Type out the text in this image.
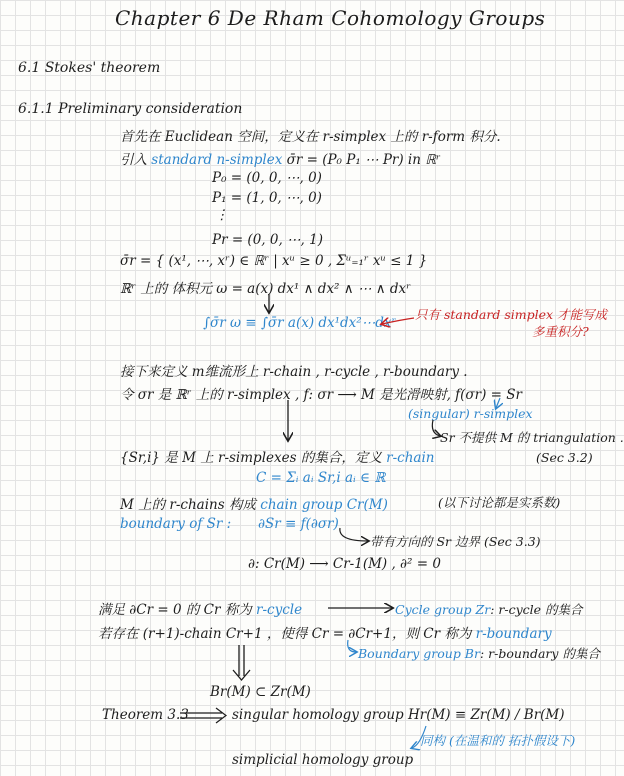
Chapter 6 De Rham Cohomology Groups
6.1 Stokes' theorem
6.1.1 Preliminary consideration
首先在 Euclidean 空间，定义在 r-simplex 上的 r-form 积分.
引入 standard n-simplex σ̄r = (P₀ P₁ ⋯ Pr) in ℝʳ
P₀ = (0, 0, ⋯, 0)
P₁ = (1, 0, ⋯, 0)
⋮
Pr = (0, 0, ⋯, 1)
σ̄r = { (x¹, ⋯, xʳ) ∈ ℝʳ | xᵘ ≥ 0 , Σᵘ₌₁ʳ xᵘ ≤ 1 }
ℝʳ 上的 体积元 ω = a(x) dx¹ ∧ dx² ∧ ⋯ ∧ dxʳ
∫σ̄r ω ≡ ∫σ̄r a(x) dx¹dx²⋯dxʳ
只有 standard simplex 才能写成
多重积分?
接下来定义 m维流形上 r-chain , r-cycle , r-boundary .
令 σr 是 ℝʳ 上的 r-simplex , f: σr ⟶ M 是光滑映射, f(σr) = Sr
(singular) r-simplex
Sr 不提供 M 的 triangulation .
(Sec 3.2)
{Sr,i} 是 M 上 r-simplexes 的集合，定义 r-chain
C = Σᵢ aᵢ Sr,i aᵢ ∈ ℝ
M 上的 r-chains 构成 chain group Cr(M)	(以下讨论都是实系数)
boundary of Sr : ∂Sr ≡ f(∂σr)
带有方向的 Sr 边界 (Sec 3.3)
∂: Cr(M) ⟶ Cr-1(M) , ∂² = 0
满足 ∂Cr = 0 的 Cr 称为 r-cycle	Cycle group Zr: r-cycle 的集合
若存在 (r+1)-chain Cr+1 ，使得 Cr = ∂Cr+1，则 Cr 称为 r-boundary
Boundary group Br: r-boundary 的集合
Br(M) ⊂ Zr(M)
Theorem 3.3	singular homology group Hr(M) ≡ Zr(M) / Br(M)
同构 (在温和的 拓扑假设下)
simplicial homology group
